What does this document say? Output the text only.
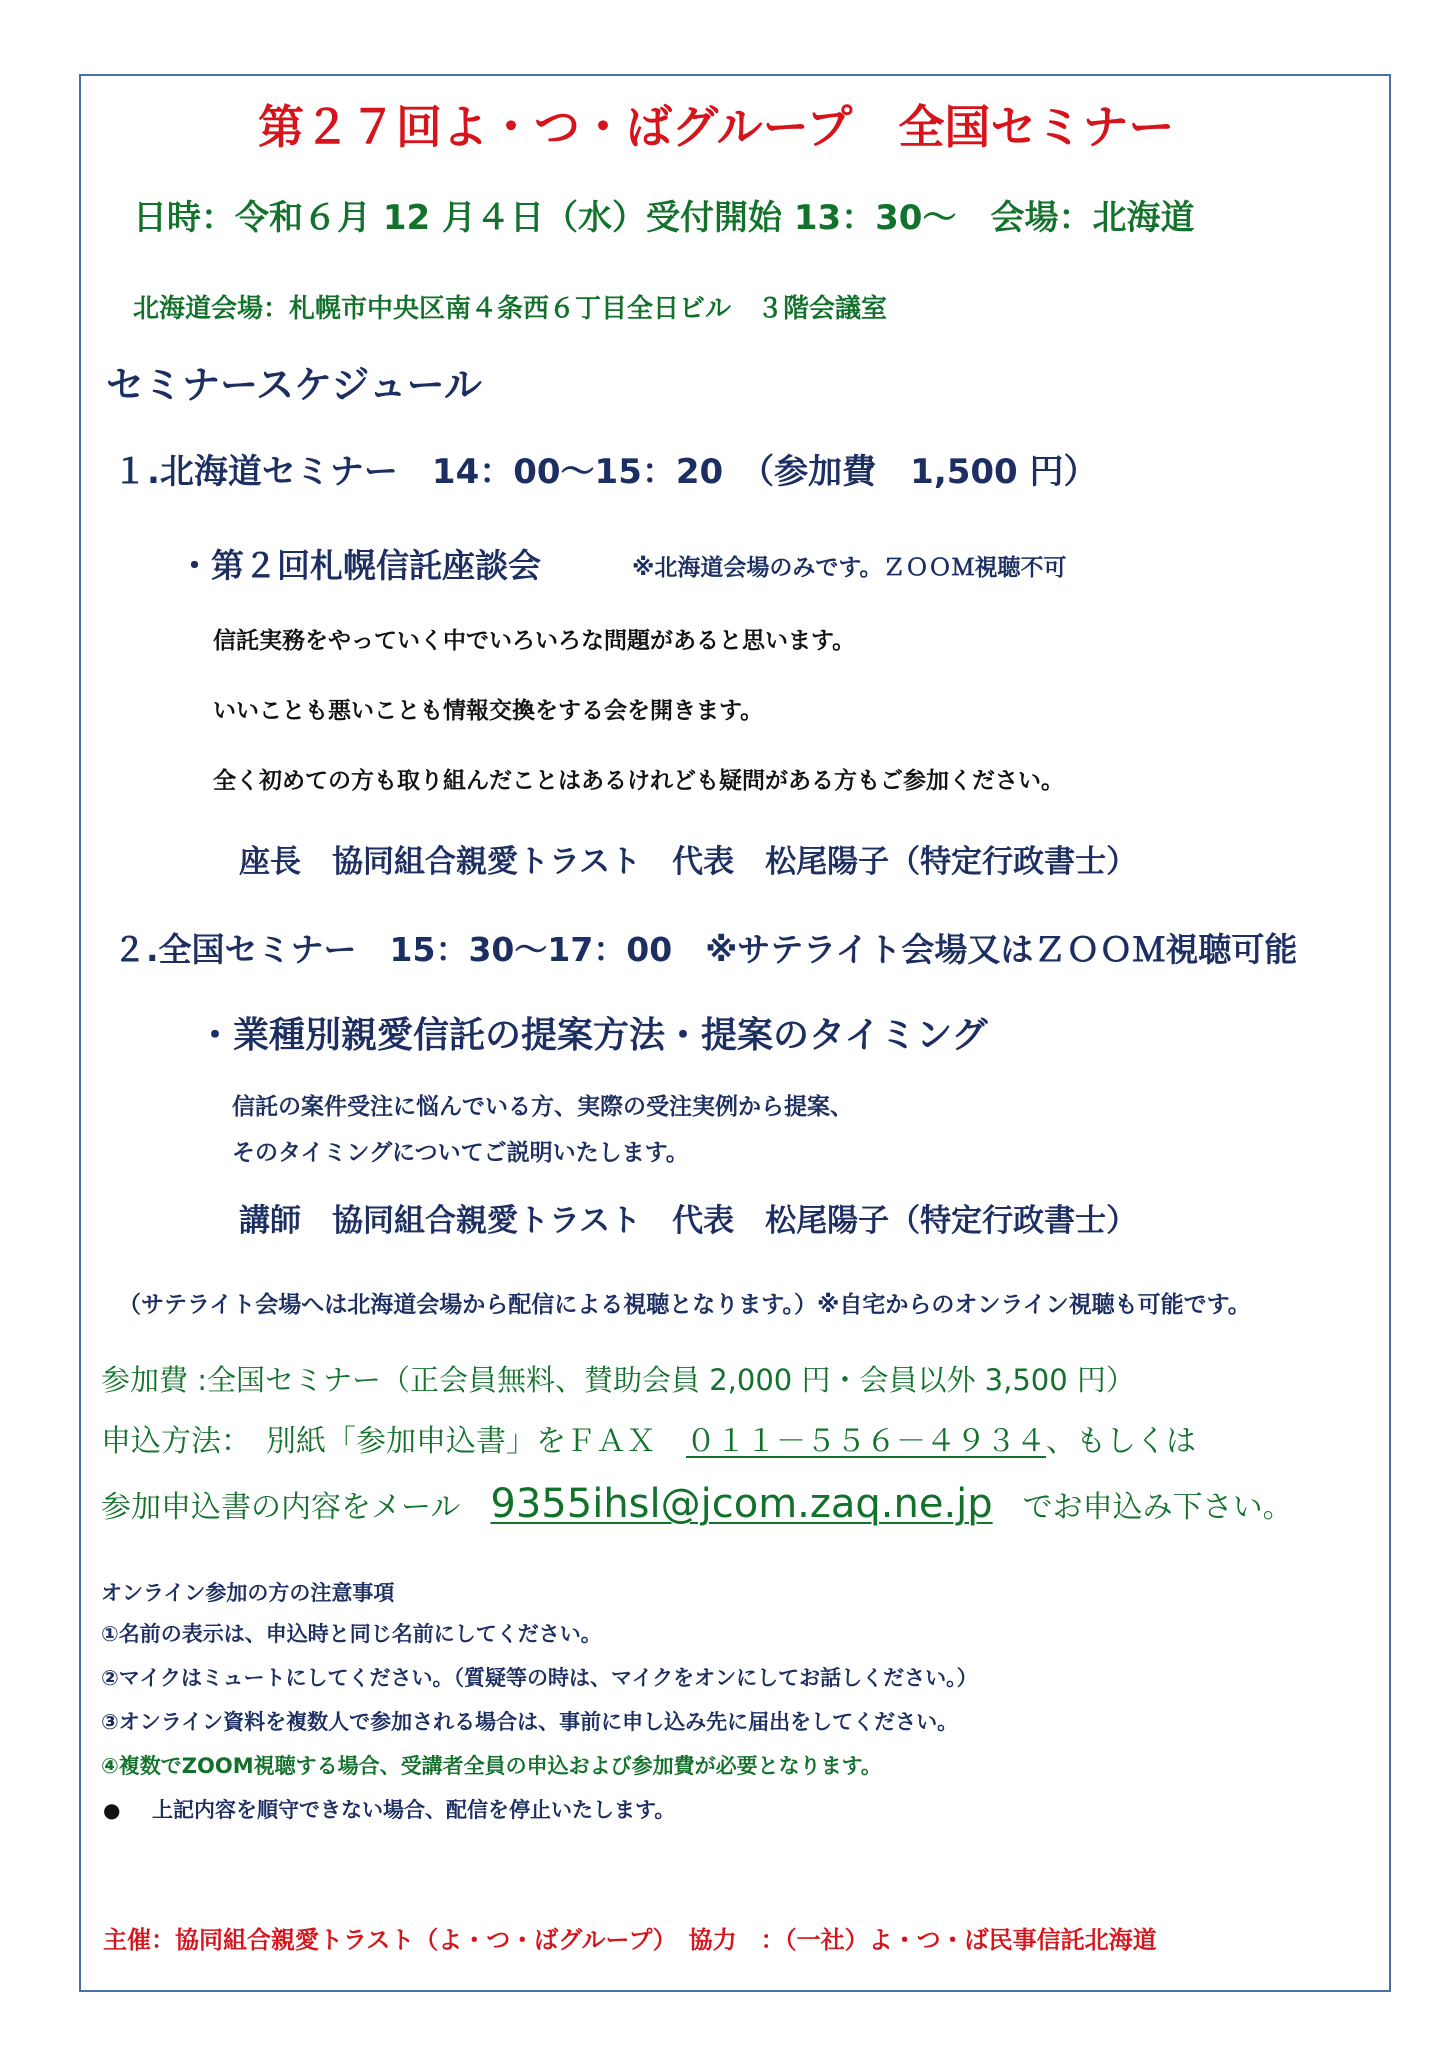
第２７回よ・つ・ばグループ　全国セミナー
日時：令和６月 12 月４日（水）受付開始 13：30～　会場：北海道
北海道会場：札幌市中央区南４条西６丁目全日ビル　３階会議室
セミナースケジュール
１.北海道セミナー　14：00～15：20　（参加費　1,500 円）
・第２回札幌信託座談会	※北海道会場のみです。ＺＯＯＭ視聴不可
信託実務をやっていく中でいろいろな問題があると思います。
いいことも悪いことも情報交換をする会を開きます。
全く初めての方も取り組んだことはあるけれども疑問がある方もご参加ください。
座長　協同組合親愛トラスト　代表　松尾陽子（特定行政書士）
２.全国セミナー　15：30～17：00　※サテライト会場又はＺＯＯＭ視聴可能
・業種別親愛信託の提案方法・提案のタイミング
信託の案件受注に悩んでいる方、実際の受注実例から提案、
そのタイミングについてご説明いたします。
講師　協同組合親愛トラスト　代表　松尾陽子（特定行政書士）
（サテライト会場へは北海道会場から配信による視聴となります。）※自宅からのオンライン視聴も可能です。
参加費 :全国セミナー（正会員無料、賛助会員 2,000 円・会員以外 3,500 円）
申込方法：　別紙「参加申込書」をＦＡＸ　０１１－５５６－４９３４、もしくは
参加申込書の内容をメール　9355ihsl@jcom.zaq.ne.jp　でお申込み下さい。
オンライン参加の方の注意事項
①名前の表示は、申込時と同じ名前にしてください。
②マイクはミュートにしてください。（質疑等の時は、マイクをオンにしてお話しください。）
③オンライン資料を複数人で参加される場合は、事前に申し込み先に届出をしてください。
④複数でZOOM視聴する場合、受講者全員の申込および参加費が必要となります。
● 上記内容を順守できない場合、配信を停止いたします。
主催：協同組合親愛トラスト（よ・つ・ばグループ）　協力　：（一社）よ・つ・ば民事信託北海道
